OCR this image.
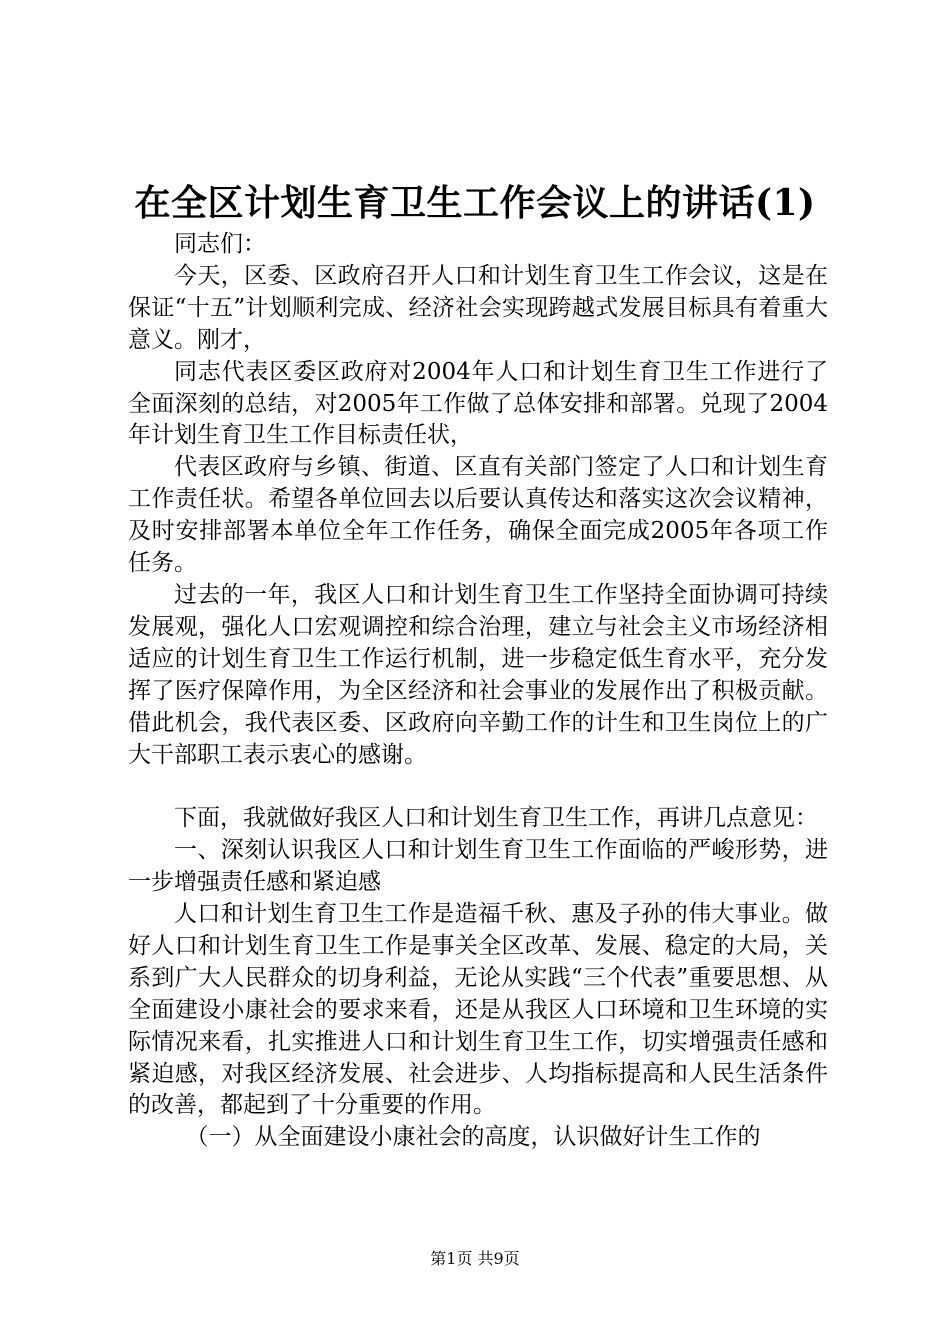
在全区计划生育卫生工作会议上的讲话(1)

同志们：

今天，区委、区政府召开人口和计划生育卫生工作会议，这是在保证“十五”计划顺利完成、经济社会实现跨越式发展目标具有着重大意义。刚才，

同志代表区委区政府对2004年人口和计划生育卫生工作进行了全面深刻的总结，对2005年工作做了总体安排和部署。兑现了2004年计划生育卫生工作目标责任状，

代表区政府与乡镇、街道、区直有关部门签定了人口和计划生育工作责任状。希望各单位回去以后要认真传达和落实这次会议精神，及时安排部署本单位全年工作任务，确保全面完成2005年各项工作任务。

过去的一年，我区人口和计划生育卫生工作坚持全面协调可持续发展观，强化人口宏观调控和综合治理，建立与社会主义市场经济相适应的计划生育卫生工作运行机制，进一步稳定低生育水平，充分发挥了医疗保障作用，为全区经济和社会事业的发展作出了积极贡献。借此机会，我代表区委、区政府向辛勤工作的计生和卫生岗位上的广大干部职工表示衷心的感谢。

下面，我就做好我区人口和计划生育卫生工作，再讲几点意见：

一、深刻认识我区人口和计划生育卫生工作面临的严峻形势，进一步增强责任感和紧迫感

人口和计划生育卫生工作是造福千秋、惠及子孙的伟大事业。做好人口和计划生育卫生工作是事关全区改革、发展、稳定的大局，关系到广大人民群众的切身利益，无论从实践“三个代表”重要思想、从全面建设小康社会的要求来看，还是从我区人口环境和卫生环境的实际情况来看，扎实推进人口和计划生育卫生工作，切实增强责任感和紧迫感，对我区经济发展、社会进步、人均指标提高和人民生活条件的改善，都起到了十分重要的作用。

（一）从全面建设小康社会的高度，认识做好计生工作的

第1页 共9页
